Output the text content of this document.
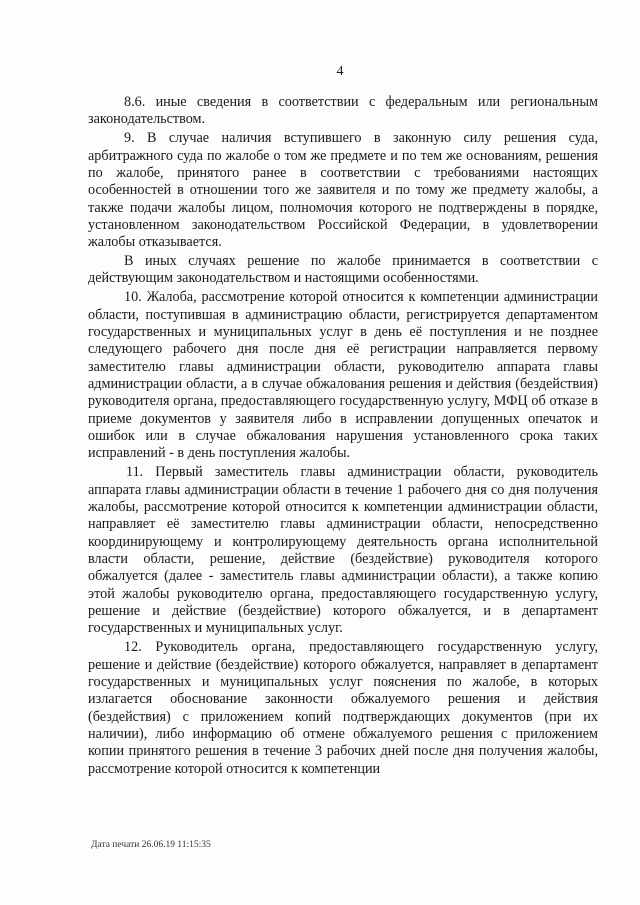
4

8.6. иные сведения в соответствии с федеральным или региональным законодательством.

9. В случае наличия вступившего в законную силу решения суда, арбитражного суда по жалобе о том же предмете и по тем же основаниям, решения по жалобе, принятого ранее в соответствии с требованиями настоящих особенностей в отношении того же заявителя и по тому же предмету жалобы, а также подачи жалобы лицом, полномочия которого не подтверждены в порядке, установленном законодательством Российской Федерации, в удовлетворении жалобы отказывается.

В иных случаях решение по жалобе принимается в соответствии с действующим законодательством и настоящими особенностями.

10. Жалоба, рассмотрение которой относится к компетенции администрации области, поступившая в администрацию области, регистрируется департаментом государственных и муниципальных услуг в день её поступления и не позднее следующего рабочего дня после дня её регистрации направляется первому заместителю главы администрации области, руководителю аппарата главы администрации области, а в случае обжалования решения и действия (бездействия) руководителя органа, предоставляющего государственную услугу, МФЦ об отказе в приеме документов у заявителя либо в исправлении допущенных опечаток и ошибок или в случае обжалования нарушения установленного срока таких исправлений - в день поступления жалобы.

11. Первый заместитель главы администрации области, руководитель аппарата главы администрации области в течение 1 рабочего дня со дня получения жалобы, рассмотрение которой относится к компетенции администрации области, направляет её заместителю главы администрации области, непосредственно координирующему и контролирующему деятельность органа исполнительной власти области, решение, действие (бездействие) руководителя которого обжалуется (далее - заместитель главы администрации области), а также копию этой жалобы руководителю органа, предоставляющего государственную услугу, решение и действие (бездействие) которого обжалуется, и в департамент государственных и муниципальных услуг.

12. Руководитель органа, предоставляющего государственную услугу, решение и действие (бездействие) которого обжалуется, направляет в департамент государственных и муниципальных услуг пояснения по жалобе, в которых излагается обоснование законности обжалуемого решения и действия (бездействия) с приложением копий подтверждающих документов (при их наличии), либо информацию об отмене обжалуемого решения с приложением копии принятого решения в течение 3 рабочих дней после дня получения жалобы, рассмотрение которой относится к компетенции

Дата печати 26.06.19 11:15:35
